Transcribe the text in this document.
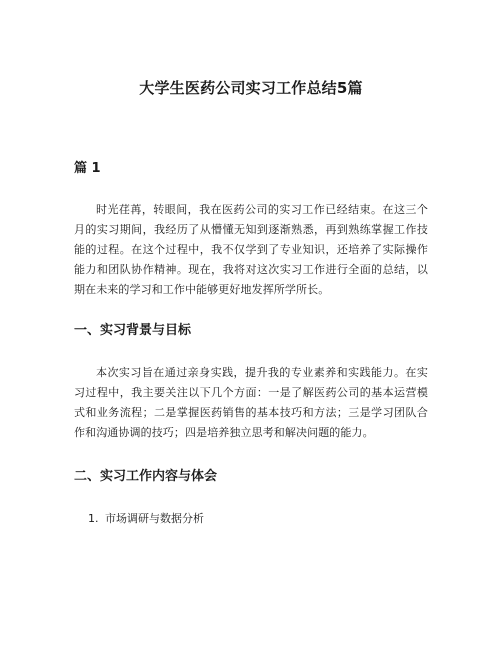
大学生医药公司实习工作总结5篇
篇 1

时光荏苒，转眼间，我在医药公司的实习工作已经结束。在这三个月的实习期间，我经历了从懵懂无知到逐渐熟悉，再到熟练掌握工作技能的过程。在这个过程中，我不仅学到了专业知识，还培养了实际操作能力和团队协作精神。现在，我将对这次实习工作进行全面的总结，以期在未来的学习和工作中能够更好地发挥所学所长。

一、实习背景与目标

本次实习旨在通过亲身实践，提升我的专业素养和实践能力。在实习过程中，我主要关注以下几个方面：一是了解医药公司的基本运营模式和业务流程；二是掌握医药销售的基本技巧和方法；三是学习团队合作和沟通协调的技巧；四是培养独立思考和解决问题的能力。

二、实习工作内容与体会
1. 市场调研与数据分析
